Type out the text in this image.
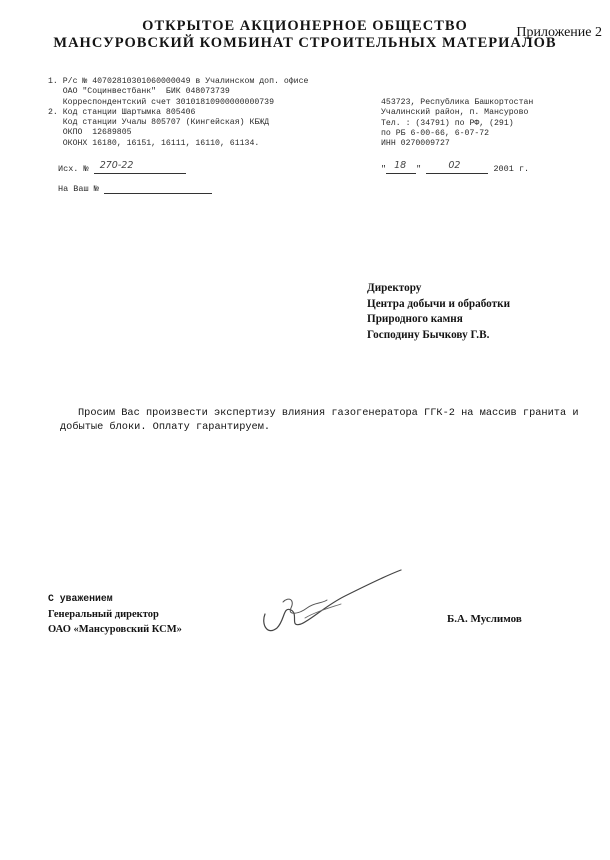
ОТКРЫТОЕ АКЦИОНЕРНОЕ ОБЩЕСТВО
МАНСУРОВСКИЙ КОМБИНАТ СТРОИТЕЛЬНЫХ МАТЕРИАЛОВ
Приложение 2
1. Р/с № 40702810301060000049 в Учалинском доп. офисе
ОАО "Социнвестбанк"  БИК 048073739
Корреспондентский счет 30101810900000000739
2. Код станции Шартымка 805406
Код станции Учалы 805707 (Кингейская) КБЖД
ОКПО  12689805
ОКОНХ 16180, 16151, 16111, 16110, 61134.
453723, Республика Башкортостан
Учалинский район, п. Мансурово
Тел. : (34791) по РФ, (291)
по РБ 6-00-66, 6-07-72
ИНН 0270009727
Исх. № 270-22	" 18 "	02	2001 г.
На Ваш №
Директору
Центра добычи и обработки
Природного камня
Господину Бычкову Г.В.
Просим Вас произвести экспертизу влияния газогенератора ГГК-2 на массив гранита и добытые блоки. Оплату гарантируем.
С уважением
Генеральный директор
ОАО «Мансуровский КСМ»
Б.А. Муслимов
